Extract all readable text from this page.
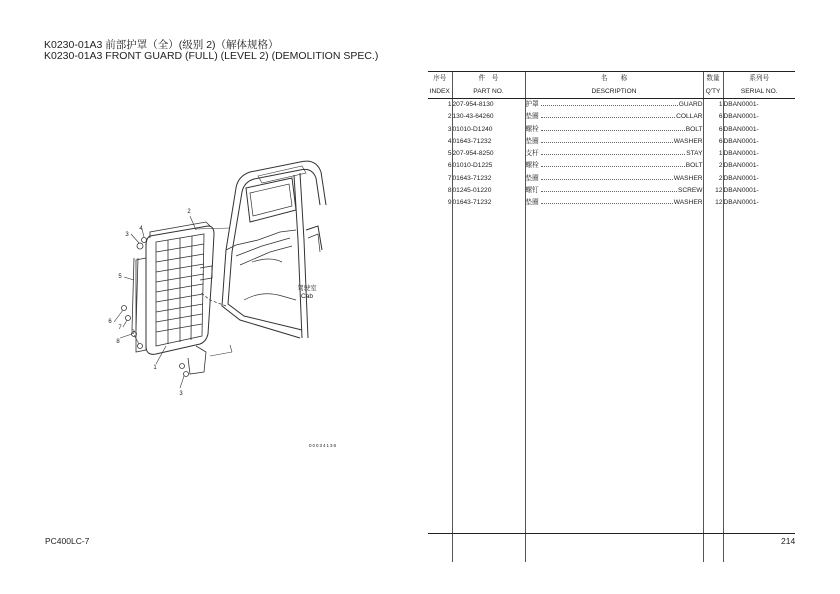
K0230-01A3 前部护罩（全）(级别 2)（解体规格）
K0230-01A3 FRONT GUARD (FULL) (LEVEL 2) (DEMOLITION SPEC.)
1
2
3
4
5
6
7
8
9
3
驾驶室
Cab
00034138
序号	件　号	名　　称	数量	系列号
INDEX	PART NO.	DESCRIPTION	Q'TY	SERIAL NO.
1	207-954-8130	护罩 GUARD	1	DBAN0001-
2	130-43-64260	垫圈 COLLAR	6	DBAN0001-
3	01010-D1240	螺栓 BOLT	6	DBAN0001-
4	01643-71232	垫圈 WASHER	6	DBAN0001-
5	207-954-8250	支杆 STAY	1	DBAN0001-
6	01010-D1225	螺栓 BOLT	2	DBAN0001-
7	01643-71232	垫圈 WASHER	2	DBAN0001-
8	01245-01220	螺钉 SCREW	12	DBAN0001-
9	01643-71232	垫圈 WASHER	12	DBAN0001-

PC400LC-7	214
